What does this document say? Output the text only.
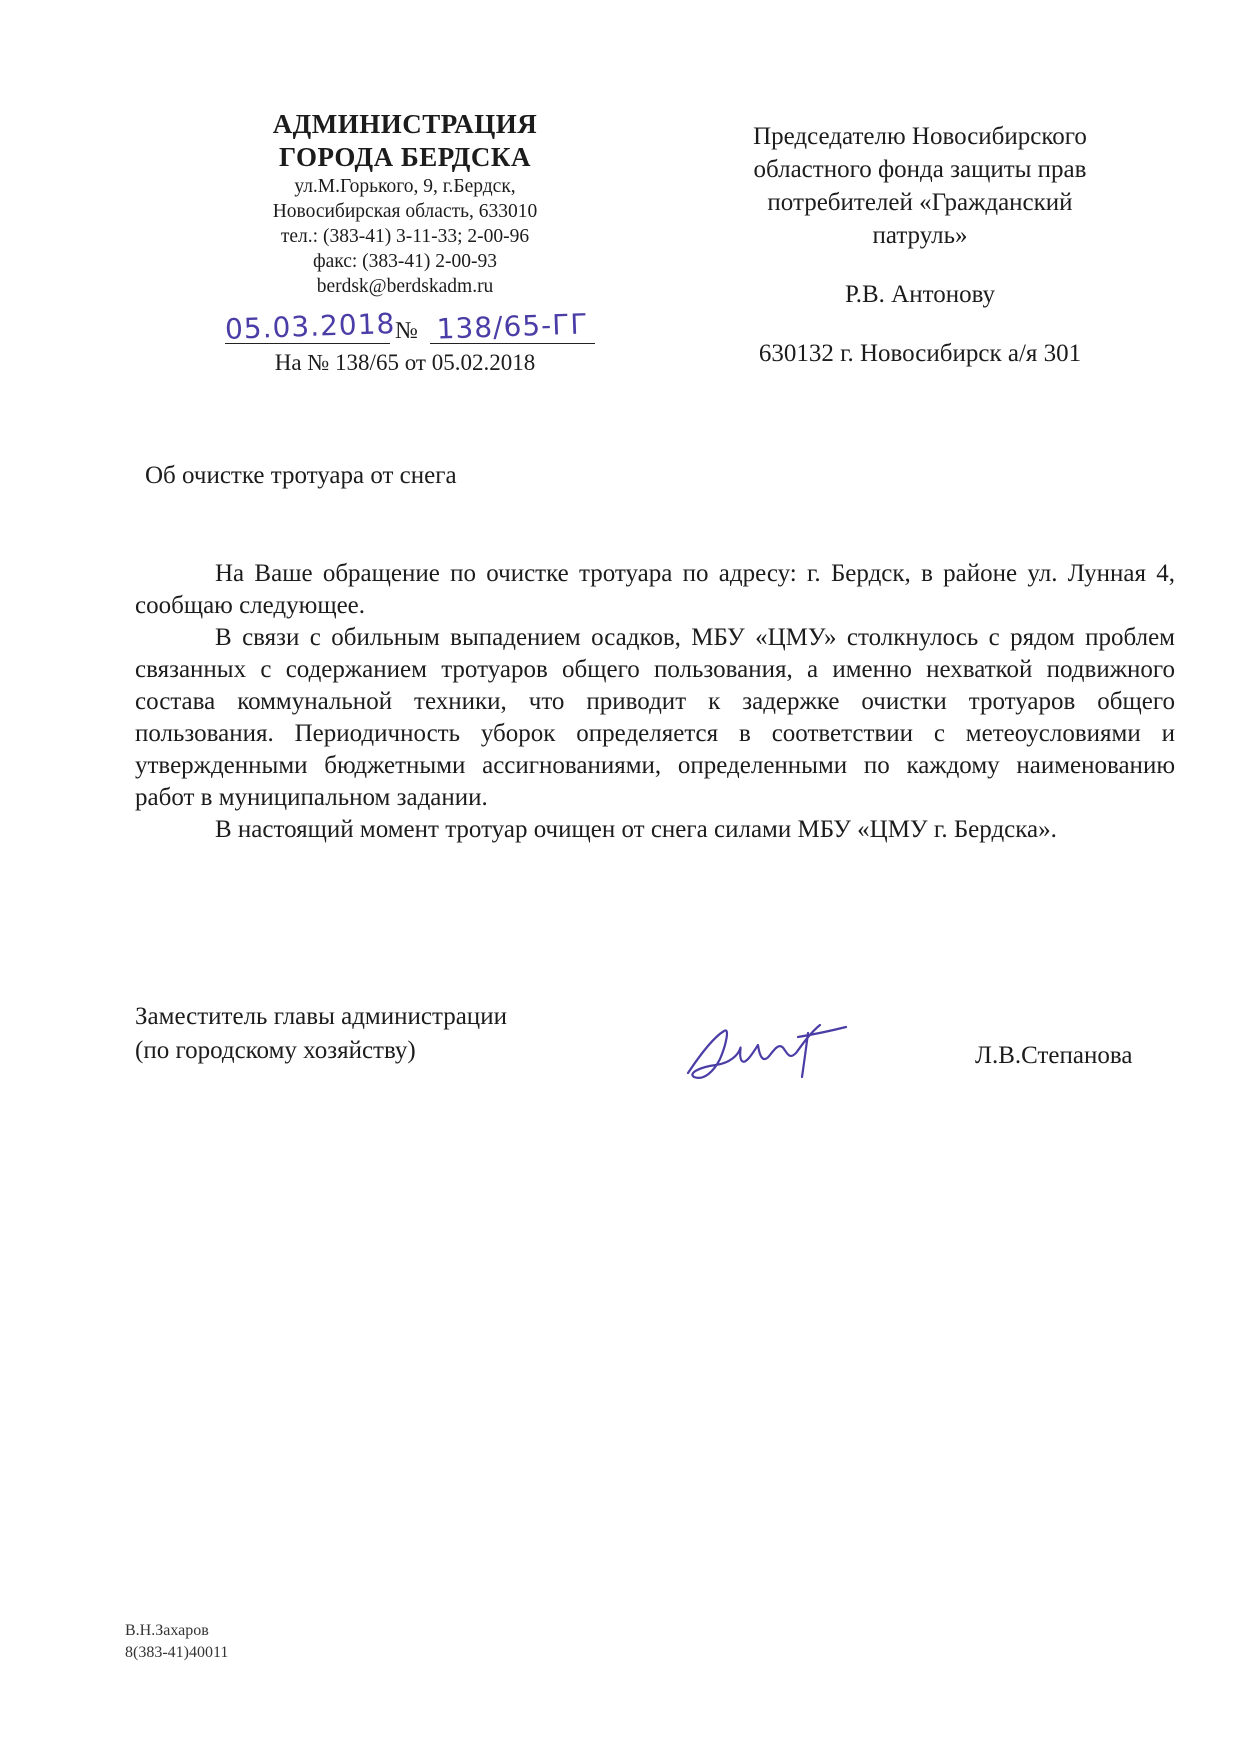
АДМИНИСТРАЦИЯ
ГОРОДА БЕРДСКА
ул.М.Горького, 9, г.Бердск,
Новосибирская область, 633010
тел.: (383-41) 3-11-33; 2-00-96
факс: (383-41) 2-00-93
berdsk@berdskadm.ru
05.03.2018 № 138/65-ГГ
На № 138/65 от 05.02.2018
Председателю Новосибирского
областного фонда защиты прав
потребителей «Гражданский
патруль»
Р.В. Антонову
630132 г. Новосибирск а/я 301
Об очистке тротуара от снега

На Ваше обращение по очистке тротуара по адресу: г. Бердск, в районе ул. Лунная 4, сообщаю следующее.

В связи с обильным выпадением осадков, МБУ «ЦМУ» столкнулось с рядом проблем связанных с содержанием тротуаров общего пользования, а именно нехваткой подвижного состава коммунальной техники, что приводит к задержке очистки тротуаров общего пользования. Периодичность уборок определяется в соответствии с метеоусловиями и утвержденными бюджетными ассигнованиями, определенными по каждому наименованию работ в муниципальном задании.

В настоящий момент тротуар очищен от снега силами МБУ «ЦМУ г. Бердска».

Заместитель главы администрации
(по городскому хозяйству)	Л.В.Степанова
В.Н.Захаров
8(383-41)40011
